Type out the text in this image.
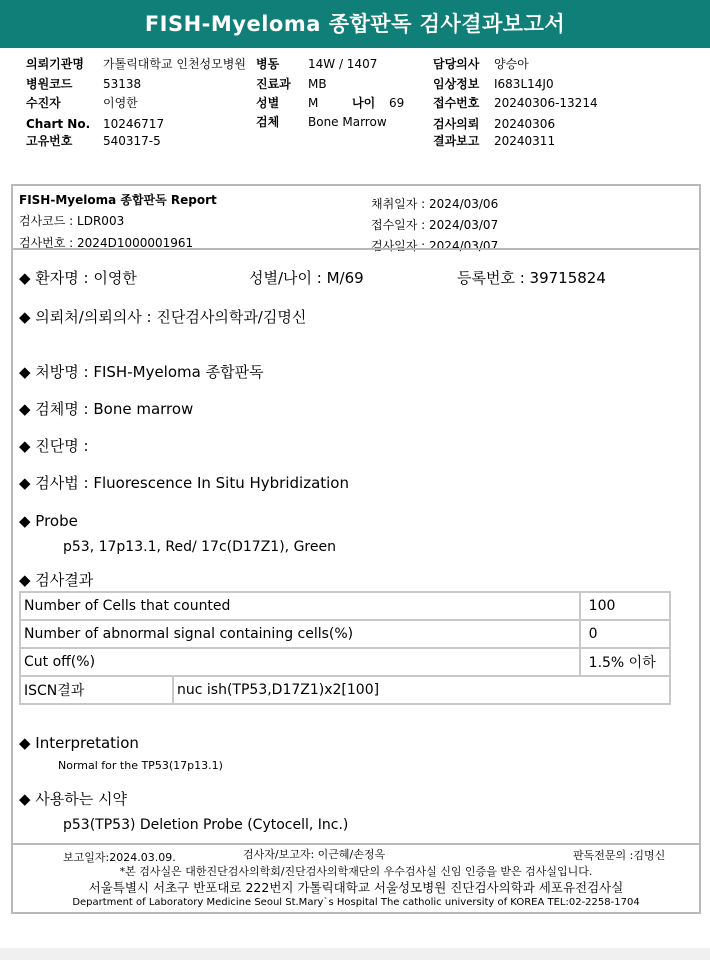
FISH-Myeloma 종합판독 검사결과보고서
의뢰기관명 가톨릭대학교 인천성모병원
병원코드	53138
수진자	이영한
Chart No. 10246717
고유번호	540317-5
병동 14W / 1407
진료과 MB
성별 M	나이 69
검체 Bone Marrow
담당의사 양승아
임상정보 I683L14J0
접수번호 20240306-13214
검사의뢰 20240306
결과보고 20240311
FISH-Myeloma 종합판독 Report
검사코드 : LDR003
검사번호 : 2024D1000001961
채취일자 : 2024/03/06
접수일자 : 2024/03/07
검사일자 : 2024/03/07
◆ 환자명 : 이영한	성별/나이 : M/69	등록번호 : 39715824
◆ 의뢰처/의뢰의사 : 진단검사의학과/김명신
◆ 처방명 : FISH-Myeloma 종합판독
◆ 검체명 : Bone marrow
◆ 진단명 :
◆ 검사법 : Fluorescence In Situ Hybridization
◆ Probe
p53, 17p13.1, Red/ 17c(D17Z1), Green
◆ 검사결과
Number of Cells that counted		100
Number of abnormal signal containing cells(%)		0
Cut off(%)		1.5% 이하
ISCN결과	nuc ish(TP53,D17Z1)x2[100]	
◆ Interpretation
Normal for the TP53(17p13.1)
◆ 사용하는 시약
p53(TP53) Deletion Probe (Cytocell, Inc.)
보고일자:2024.03.09.	검사자/보고자: 이근혜/손정옥	판독전문의 :김명신
*본 검사실은 대한진단검사의학회/진단검사의학재단의 우수검사실 신임 인증을 받은 검사실입니다.
서울특별시 서초구 반포대로 222번지 가톨릭대학교 서울성모병원 진단검사의학과 세포유전검사실
Department of Laboratory Medicine Seoul St.Mary`s Hospital The catholic university of KOREA TEL:02-2258-1704
